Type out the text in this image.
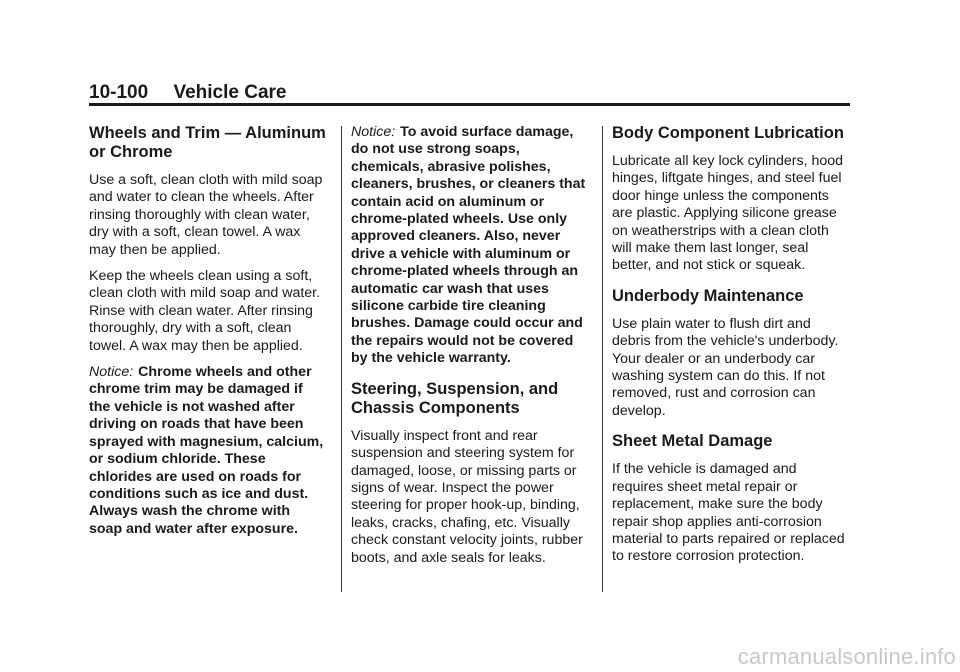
10-100 Vehicle Care
Wheels and Trim — Aluminum or Chrome

Use a soft, clean cloth with mild soap and water to clean the wheels. After rinsing thoroughly with clean water, dry with a soft, clean towel. A wax may then be applied.

Keep the wheels clean using a soft, clean cloth with mild soap and water. Rinse with clean water. After rinsing thoroughly, dry with a soft, clean towel. A wax may then be applied.

Notice: Chrome wheels and other chrome trim may be damaged if the vehicle is not washed after driving on roads that have been sprayed with magnesium, calcium, or sodium chloride. These chlorides are used on roads for conditions such as ice and dust. Always wash the chrome with soap and water after exposure.

Notice: To avoid surface damage, do not use strong soaps, chemicals, abrasive polishes, cleaners, brushes, or cleaners that contain acid on aluminum or chrome-plated wheels. Use only approved cleaners. Also, never drive a vehicle with aluminum or chrome-plated wheels through an automatic car wash that uses silicone carbide tire cleaning brushes. Damage could occur and the repairs would not be covered by the vehicle warranty.

Steering, Suspension, and Chassis Components

Visually inspect front and rear suspension and steering system for damaged, loose, or missing parts or signs of wear. Inspect the power steering for proper hook-up, binding, leaks, cracks, chafing, etc. Visually check constant velocity joints, rubber boots, and axle seals for leaks.

Body Component Lubrication

Lubricate all key lock cylinders, hood hinges, liftgate hinges, and steel fuel door hinge unless the components are plastic. Applying silicone grease on weatherstrips with a clean cloth will make them last longer, seal better, and not stick or squeak.

Underbody Maintenance

Use plain water to flush dirt and debris from the vehicle's underbody. Your dealer or an underbody car washing system can do this. If not removed, rust and corrosion can develop.

Sheet Metal Damage

If the vehicle is damaged and requires sheet metal repair or replacement, make sure the body repair shop applies anti-corrosion material to parts repaired or replaced to restore corrosion protection.

carmanualsonline.info
